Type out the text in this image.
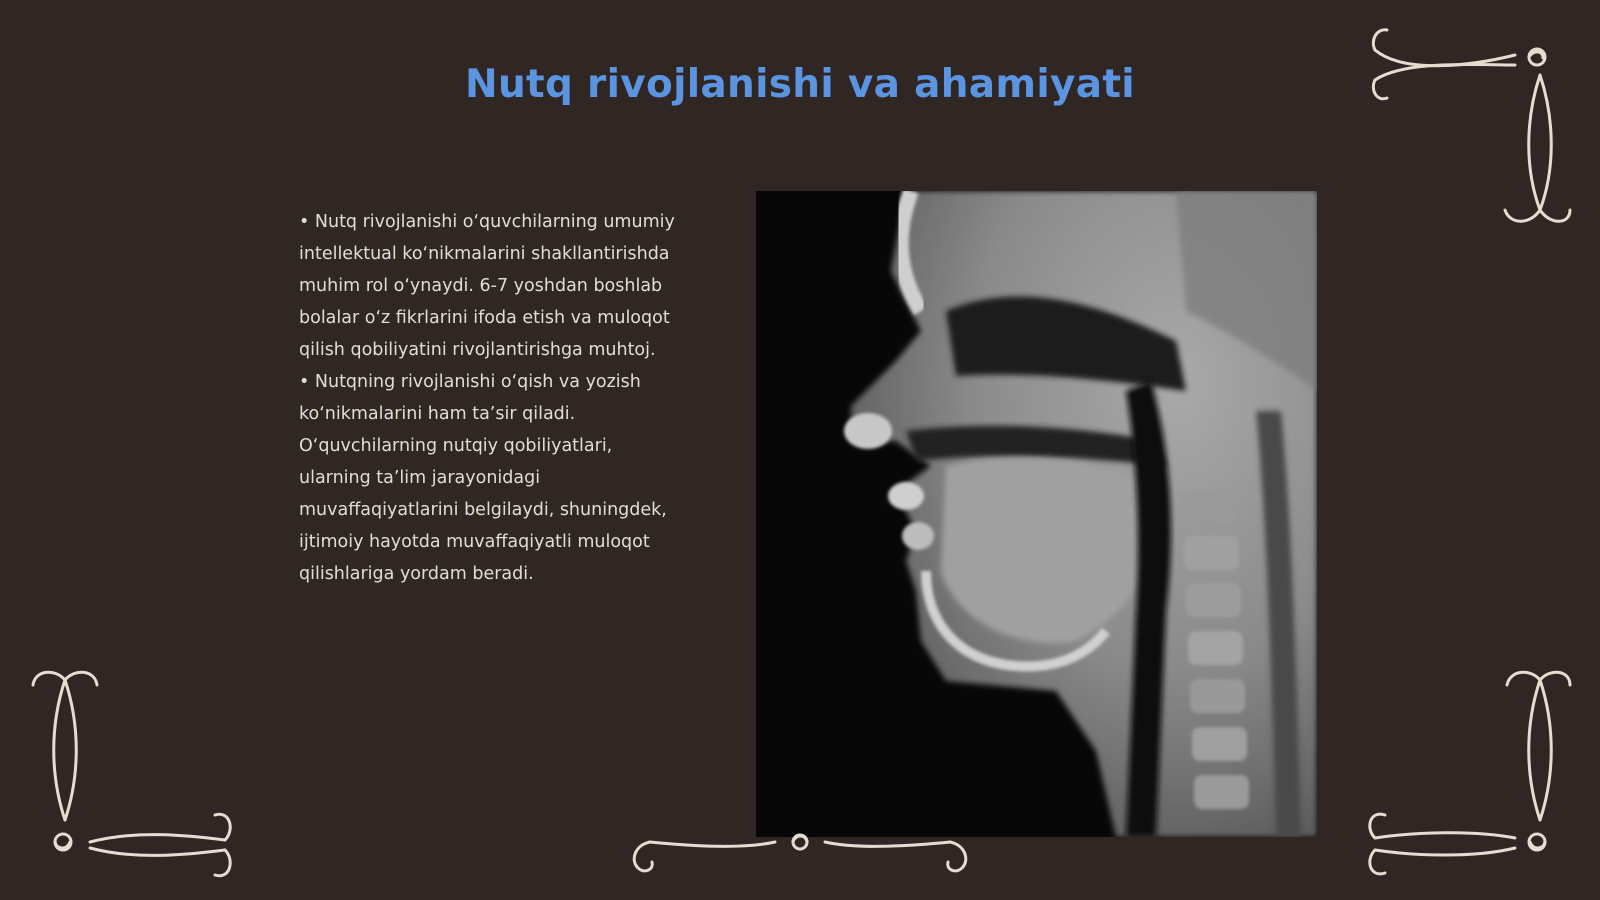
Nutq rivojlanishi va ahamiyati

• Nutq rivojlanishi o‘quvchilarning umumiy intellektual ko‘nikmalarini shakllantirishda muhim rol o‘ynaydi. 6-7 yoshdan boshlab bolalar o‘z fikrlarini ifoda etish va muloqot qilish qobiliyatini rivojlantirishga muhtoj.

• Nutqning rivojlanishi o‘qish va yozish ko‘nikmalarini ham ta’sir qiladi. O‘quvchilarning nutqiy qobiliyatlari, ularning ta’lim jarayonidagi muvaffaqiyatlarini belgilaydi, shuningdek, ijtimoiy hayotda muvaffaqiyatli muloqot qilishlariga yordam beradi.
